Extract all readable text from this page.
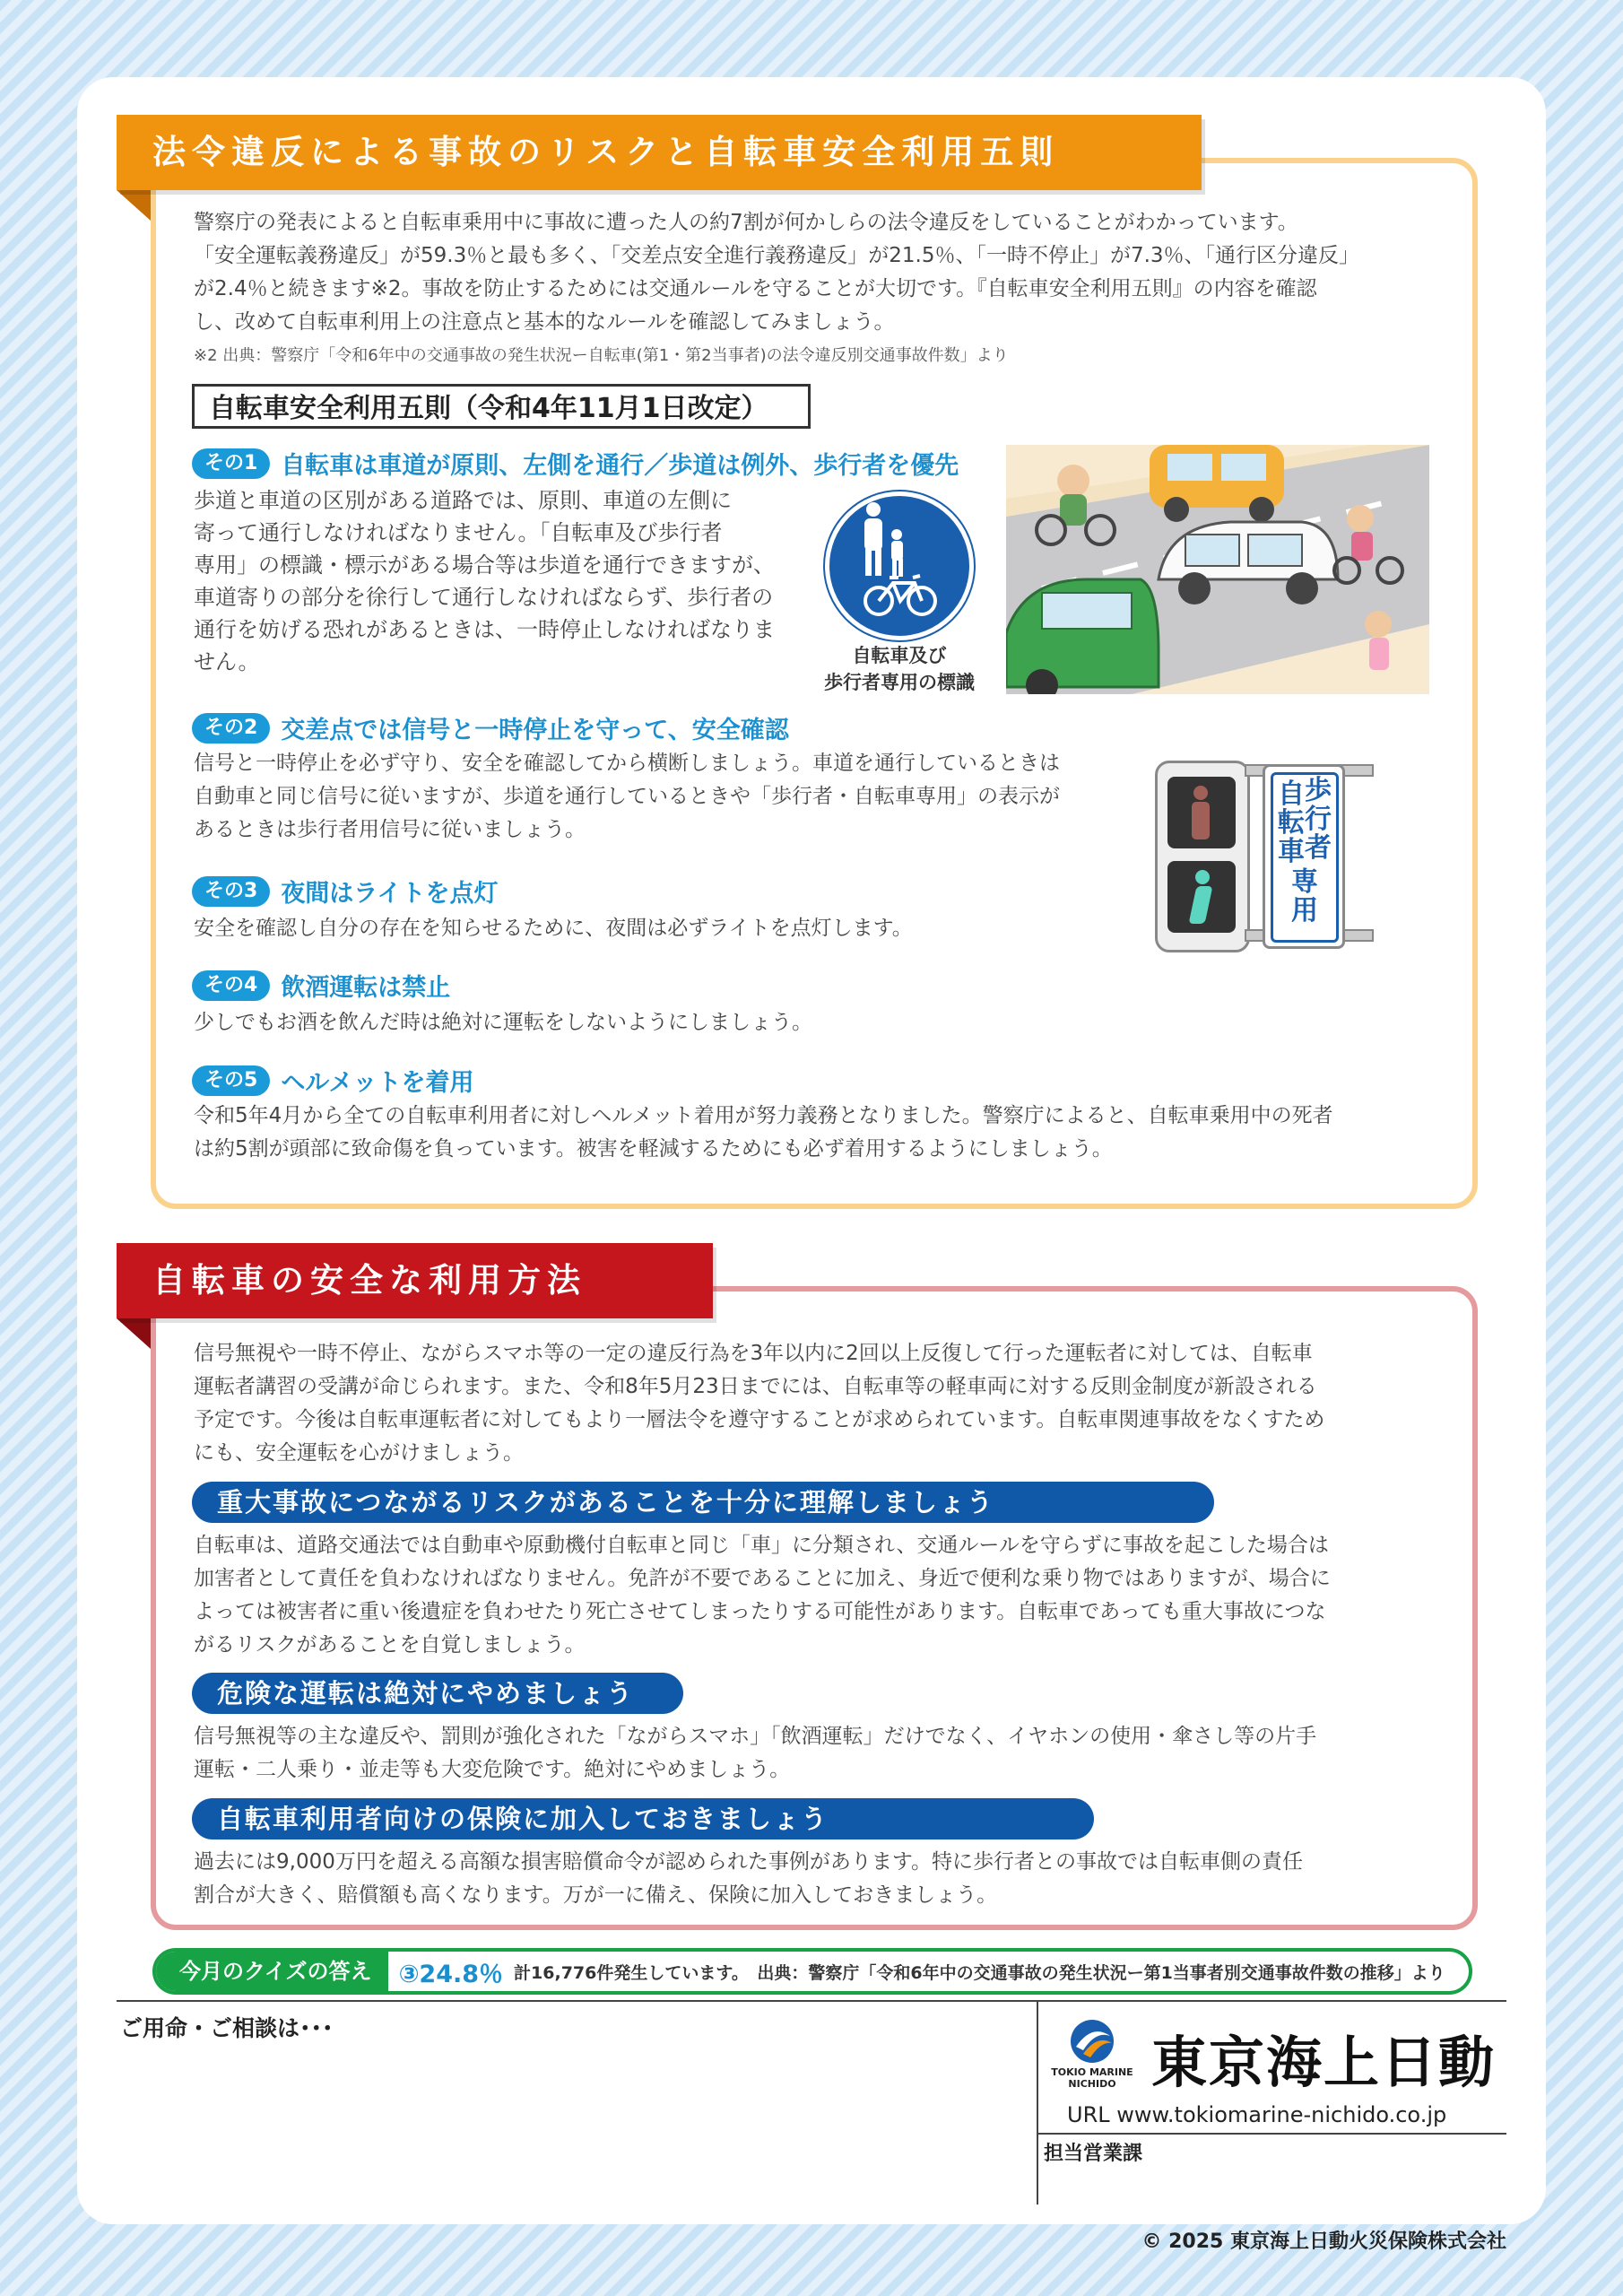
法令違反による事故のリスクと自転車安全利用五則
警察庁の発表によると自転車乗用中に事故に遭った人の約7割が何かしらの法令違反をしていることがわかっています。
「安全運転義務違反」が59.3％と最も多く、「交差点安全進行義務違反」が21.5％、「一時不停止」が7.3％、「通行区分違反」
が2.4％と続きます※2。事故を防止するためには交通ルールを守ることが大切です。『自転車安全利用五則』の内容を確認
し、改めて自転車利用上の注意点と基本的なルールを確認してみましょう。
※2 出典：警察庁「令和6年中の交通事故の発生状況ー自転車(第1・第2当事者)の法令違反別交通事故件数」より
自転車安全利用五則（令和4年11月1日改定）
その1 自転車は車道が原則、左側を通行／歩道は例外、歩行者を優先
歩道と車道の区別がある道路では、原則、車道の左側に
寄って通行しなければなりません。「自転車及び歩行者
専用」の標識・標示がある場合等は歩道を通行できますが、
車道寄りの部分を徐行して通行しなければならず、歩行者の
通行を妨げる恐れがあるときは、一時停止しなければなりま
せん。	自転車及び
歩行者専用の標識
その2 交差点では信号と一時停止を守って、安全確認
信号と一時停止を必ず守り、安全を確認してから横断しましょう。車道を通行しているときは
自動車と同じ信号に従いますが、歩道を通行しているときや「歩行者・自転車専用」の表示が
あるときは歩行者用信号に従いましょう。
自
転
車
歩
行
者
専
用
その3 夜間はライトを点灯
安全を確認し自分の存在を知らせるために、夜間は必ずライトを点灯します。
その4 飲酒運転は禁止
少しでもお酒を飲んだ時は絶対に運転をしないようにしましょう。
その5 ヘルメットを着用
令和5年4月から全ての自転車利用者に対しヘルメット着用が努力義務となりました。警察庁によると、自転車乗用中の死者
は約5割が頭部に致命傷を負っています。被害を軽減するためにも必ず着用するようにしましょう。
自転車の安全な利用方法
信号無視や一時不停止、ながらスマホ等の一定の違反行為を3年以内に2回以上反復して行った運転者に対しては、自転車
運転者講習の受講が命じられます。また、令和8年5月23日までには、自転車等の軽車両に対する反則金制度が新設される
予定です。今後は自転車運転者に対してもより一層法令を遵守することが求められています。自転車関連事故をなくすため
にも、安全運転を心がけましょう。
重大事故につながるリスクがあることを十分に理解しましょう
自転車は、道路交通法では自動車や原動機付自転車と同じ「車」に分類され、交通ルールを守らずに事故を起こした場合は
加害者として責任を負わなければなりません。免許が不要であることに加え、身近で便利な乗り物ではありますが、場合に
よっては被害者に重い後遺症を負わせたり死亡させてしまったりする可能性があります。自転車であっても重大事故につな
がるリスクがあることを自覚しましょう。
危険な運転は絶対にやめましょう
信号無視等の主な違反や、罰則が強化された「ながらスマホ」「飲酒運転」だけでなく、イヤホンの使用・傘さし等の片手
運転・二人乗り・並走等も大変危険です。絶対にやめましょう。
自転車利用者向けの保険に加入しておきましょう
過去には9,000万円を超える高額な損害賠償命令が認められた事例があります。特に歩行者との事故では自転車側の責任
割合が大きく、賠償額も高くなります。万が一に備え、保険に加入しておきましょう。
今月のクイズの答え	③24.8％ 計16,776件発生しています。　出典：警察庁「令和6年中の交通事故の発生状況ー第1当事者別交通事故件数の推移」より
ご用命・ご相談は･･･
TOKIO MARINE
NICHIDO 東京海上日動
URL www.tokiomarine-nichido.co.jp
担当営業課
© 2025 東京海上日動火災保険株式会社
